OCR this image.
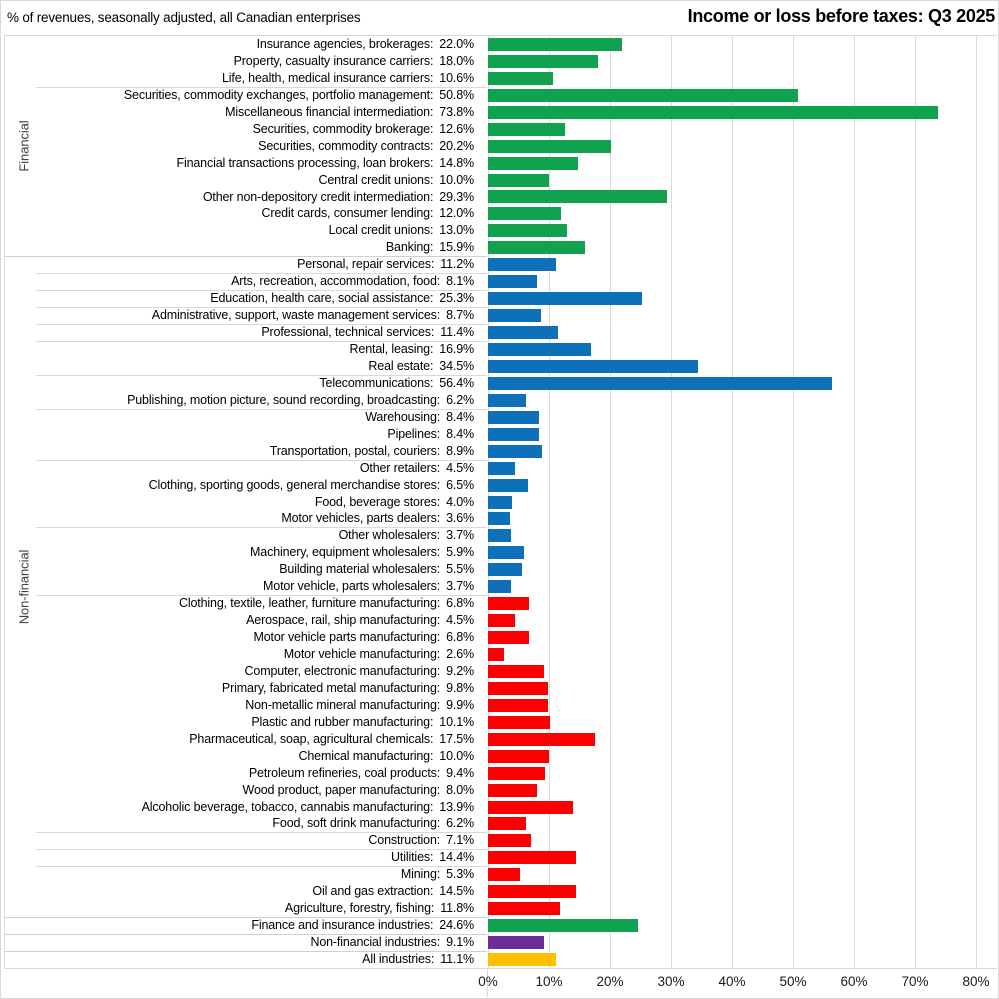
% of revenues, seasonally adjusted, all Canadian enterprises	Income or loss before taxes: Q3 2025
Insurance agencies, brokerages: 22.0%
Property, casualty insurance carriers: 18.0%
Life, health, medical insurance carriers: 10.6%
Securities, commodity exchanges, portfolio management: 50.8%
Miscellaneous financial intermediation: 73.8%
Securities, commodity brokerage: 12.6%
Securities, commodity contracts: 20.2%
Financial transactions processing, loan brokers: 14.8%
Central credit unions: 10.0%
Other non-depository credit intermediation: 29.3%
Credit cards, consumer lending: 12.0%
Local credit unions: 13.0%
Banking: 15.9%
Personal, repair services: 11.2%
Arts, recreation, accommodation, food: 8.1%
Education, health care, social assistance: 25.3%
Administrative, support, waste management services: 8.7%
Professional, technical services: 11.4%
Rental, leasing: 16.9%
Real estate: 34.5%
Telecommunications: 56.4%
Publishing, motion picture, sound recording, broadcasting: 6.2%
Warehousing: 8.4%
Pipelines: 8.4%
Transportation, postal, couriers: 8.9%
Other retailers: 4.5%
Clothing, sporting goods, general merchandise stores: 6.5%
Food, beverage stores: 4.0%
Motor vehicles, parts dealers: 3.6%
Other wholesalers: 3.7%
Machinery, equipment wholesalers: 5.9%
Building material wholesalers: 5.5%
Motor vehicle, parts wholesalers: 3.7%
Clothing, textile, leather, furniture manufacturing: 6.8%
Aerospace, rail, ship manufacturing: 4.5%
Motor vehicle parts manufacturing: 6.8%
Motor vehicle manufacturing: 2.6%
Computer, electronic manufacturing: 9.2%
Primary, fabricated metal manufacturing: 9.8%
Non-metallic mineral manufacturing: 9.9%
Plastic and rubber manufacturing: 10.1%
Pharmaceutical, soap, agricultural chemicals: 17.5%
Chemical manufacturing: 10.0%
Petroleum refineries, coal products: 9.4%
Wood product, paper manufacturing: 8.0%
Alcoholic beverage, tobacco, cannabis manufacturing: 13.9%
Food, soft drink manufacturing: 6.2%
Construction: 7.1%
Utilities: 14.4%
Mining: 5.3%
Oil and gas extraction: 14.5%
Agriculture, forestry, fishing: 11.8%
Finance and insurance industries: 24.6%
Non-financial industries: 9.1%
All industries: 11.1%
Financial
Non-financial
0%	10%	20%	30%	40%	50%	60%	70%	80%
